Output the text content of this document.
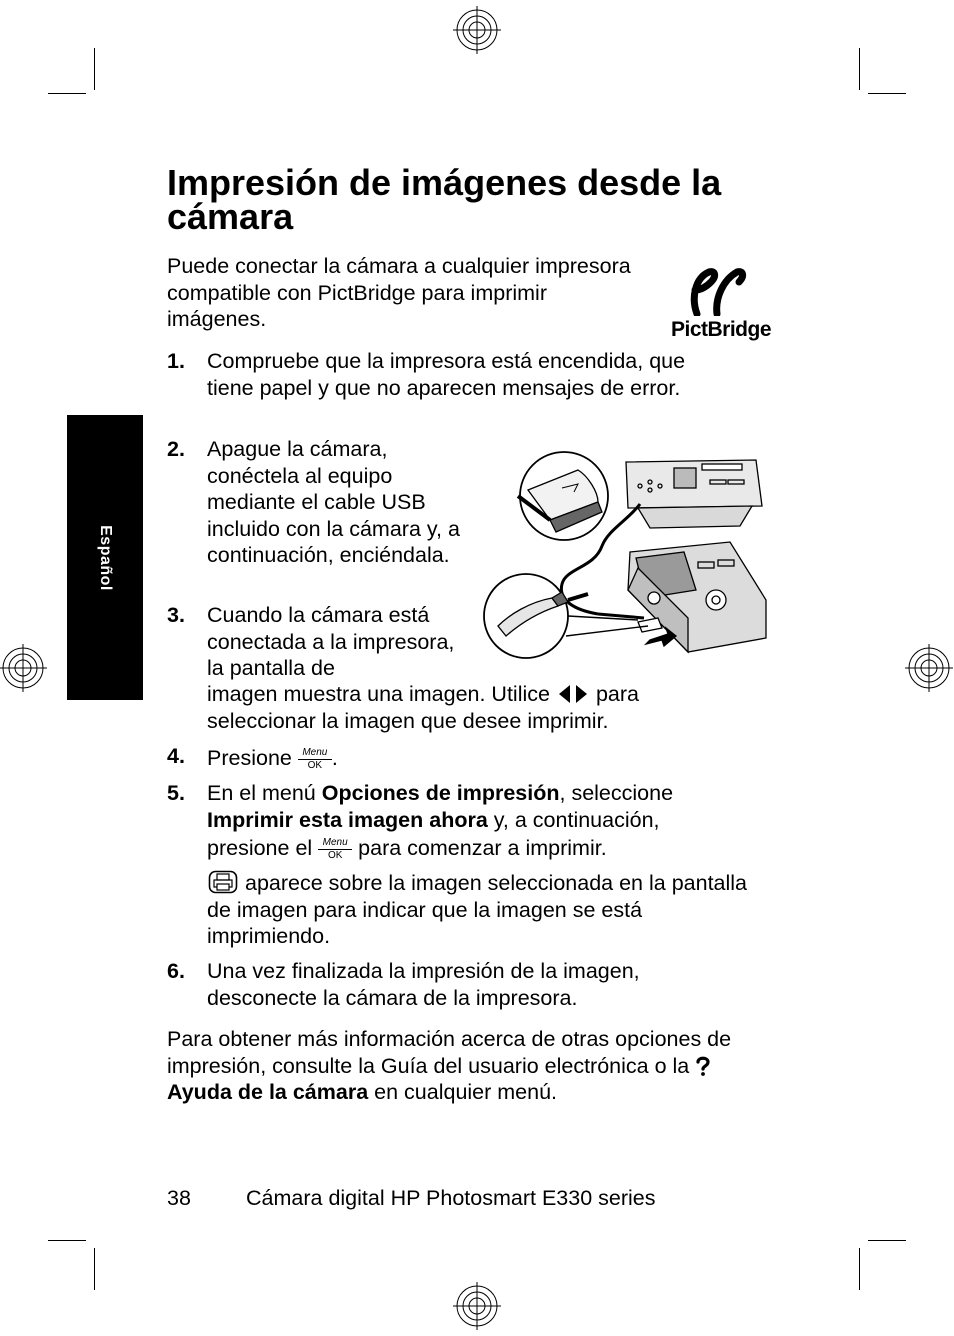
Español
Impresión de imágenes desde la cámara
Puede conectar la cámara a cualquier impresora compatible con PictBridge para imprimir imágenes.	PictBridge
1. Compruebe que la impresora está encendida, que tiene papel y que no aparecen mensajes de error.
2. Apague la cámara, conéctela al equipo mediante el cable USB incluido con la cámara y, a continuación, enciéndala.
3. Cuando la cámara está conectada a la impresora, la pantalla de
imagen muestra una imagen. Utilice para
seleccionar la imagen que desee imprimir.
4. Presione	Menu
OK .
5. En el menú Opciones de impresión, seleccione
Imprimir esta imagen ahora y, a continuación,
presione el	Menu
OK para comenzar a imprimir.
aparece sobre la imagen seleccionada en la pantalla de imagen para indicar que la imagen se está imprimiendo.
6. Una vez finalizada la impresión de la imagen, desconecte la cámara de la impresora.
Para obtener más información acerca de otras opciones de impresión, consulte la Guía del usuario electrónica o la  Ayuda de la cámara en cualquier menú.
38	Cámara digital HP Photosmart E330 series
